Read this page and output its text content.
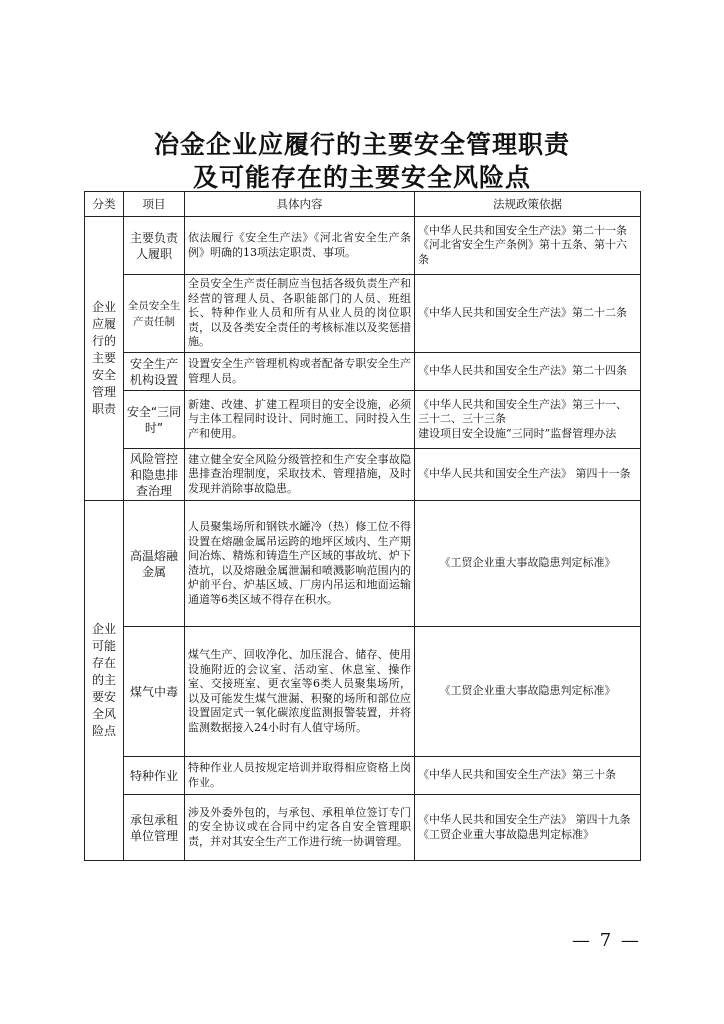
冶金企业应履行的主要安全管理职责
及可能存在的主要安全风险点
分类	项目	具体内容	法规政策依据
企业应履行的主要安全管理职责	主要负责人履职	依法履行《安全生产法》《河北省安全生产条例》明确的13项法定职责、事项。	《中华人民共和国安全生产法》第二十一条
《河北省安全生产条例》第十五条、第十六条

	全员安全生产责任制	全员安全生产责任制应当包括各级负责生产和经营的管理人员、各职能部门的人员、班组长、特种作业人员和所有从业人员的岗位职责，以及各类安全责任的考核标准以及奖惩措施。	《中华人民共和国安全生产法》第二十二条

	安全生产机构设置	设置安全生产管理机构或者配备专职安全生产管理人员。	《中华人民共和国安全生产法》第二十四条

	安全“三同时”	新建、改建、扩建工程项目的安全设施，必须与主体工程同时设计、同时施工、同时投入生产和使用。	《中华人民共和国安全生产法》第三十一、三十二、三十三条
建设项目安全设施“三同时”监督管理办法

	风险管控和隐患排查治理	建立健全安全风险分级管控和生产安全事故隐患排查治理制度，采取技术、管理措施，及时发现并消除事故隐患。	《中华人民共和国安全生产法》 第四十一条

企业可能存在的主要安全风险点	高温熔融金属	人员聚集场所和钢铁水罐冷（热）修工位不得设置在熔融金属吊运跨的地坪区域内、生产期间冶炼、精炼和铸造生产区域的事故坑、炉下渣坑，以及熔融金属泄漏和喷溅影响范围内的炉前平台、炉基区域、厂房内吊运和地面运输通道等6类区域不得存在积水。	《工贸企业重大事故隐患判定标准》

	煤气中毒	煤气生产、回收净化、加压混合、储存、使用设施附近的会议室、活动室、休息室、操作室、交接班室、更衣室等6类人员聚集场所，以及可能发生煤气泄漏、积聚的场所和部位应设置固定式一氧化碳浓度监测报警装置，并将监测数据接入24小时有人值守场所。	《工贸企业重大事故隐患判定标准》

	特种作业	特种作业人员按规定培训并取得相应资格上岗作业。	《中华人民共和国安全生产法》第三十条

	承包承租单位管理	涉及外委外包的，与承包、承租单位签订专门的安全协议或在合同中约定各自安全管理职责，并对其安全生产工作进行统一协调管理。	《中华人民共和国安全生产法》 第四十九条
《工贸企业重大事故隐患判定标准》
— 7 —
